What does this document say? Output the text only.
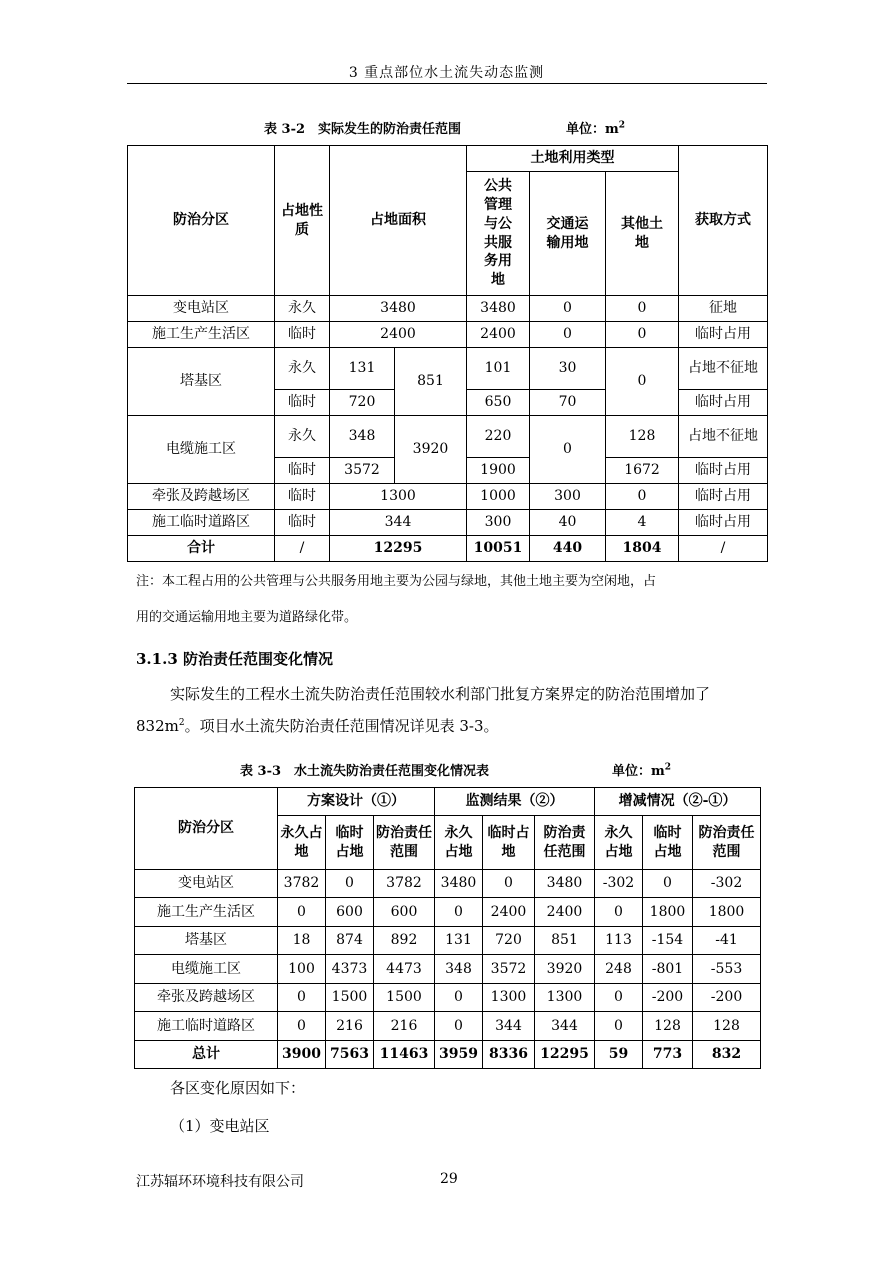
3 重点部位水土流失动态监测
表 3-2　实际发生的防治责任范围	单位：$m^2$
防治分区	占地性质	占地面积		土地利用类型			获取方式
				公共管理与公共服务用地	交通运输用地	其他土地	
变电站区	永久	3480		3480	0	0	征地
施工生产生活区	临时	2400		2400	0	0	临时占用
塔基区	永久	131	851	101	30	0	占地不征地
	临时	720		650	70		临时占用
电缆施工区	永久	348	3920	220	0	128	占地不征地
	临时	3572		1900		1672	临时占用
牵张及跨越场区	临时	1300		1000	300	0	临时占用
施工临时道路区	临时	344		300	40	4	临时占用
合计	/	12295		10051	440	1804	/
注：本工程占用的公共管理与公共服务用地主要为公园与绿地，其他土地主要为空闲地，占
用的交通运输用地主要为道路绿化带。
3.1.3 防治责任范围变化情况
实际发生的工程水土流失防治责任范围较水利部门批复方案界定的防治范围增加了 $832m^2$。项目水土流失防治责任范围情况详见表 3-3。
表 3-3　水土流失防治责任范围变化情况表	单位：$m^2$
防治分区	方案设计（①）			监测结果（②）			增减情况（②-①）		
	永久占地	临时占地	防治责任范围	永久占地	临时占地	防治责任范围	永久占地	临时占地	防治责任范围
变电站区	3782	0	3782	3480	0	3480	-302	0	-302
施工生产生活区	0	600	600	0	2400	2400	0	1800	1800
塔基区	18	874	892	131	720	851	113	-154	-41
电缆施工区	100	4373	4473	348	3572	3920	248	-801	-553
牵张及跨越场区	0	1500	1500	0	1300	1300	0	-200	-200
施工临时道路区	0	216	216	0	344	344	0	128	128
总计	3900	7563	11463	3959	8336	12295	59	773	832
各区变化原因如下：
（1）变电站区
江苏辐环环境科技有限公司	29
